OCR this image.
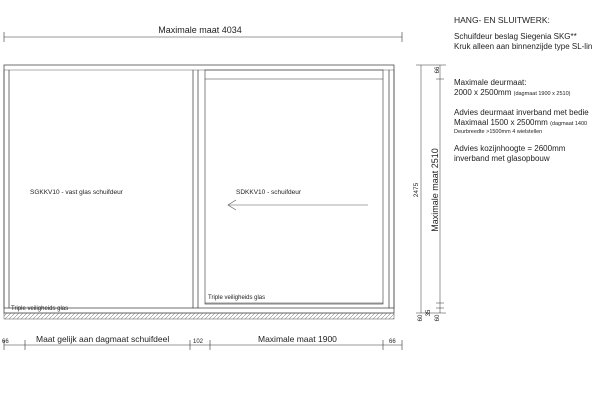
Maximale maat 4034
SGKKV10 - vast glas schuifdeur	SDKKV10 - schuifdeur
Triple veiligheids glas
Triple veiligheids glas
66	Maat gelijk aan dagmaat schuifdeel	102	Maximale maat 1900	66
2475 Maximale maat 2510
66
60
35
60
HANG- EN SLUITWERK:
Schuifdeur beslag Siegenia SKG**
Kruk alleen aan binnenzijde type SL-lin
Maximale deurmaat:
2000 x 2500mm (dagmaat 1900 x 2510)
Advies deurmaat inverband met bedie
Maximaal 1500 x 2500mm (dagmaat 1400
Deurbreedte >1500mm 4 wielstellen
Advies kozijnhoogte = 2600mm
inverband met glasopbouw
